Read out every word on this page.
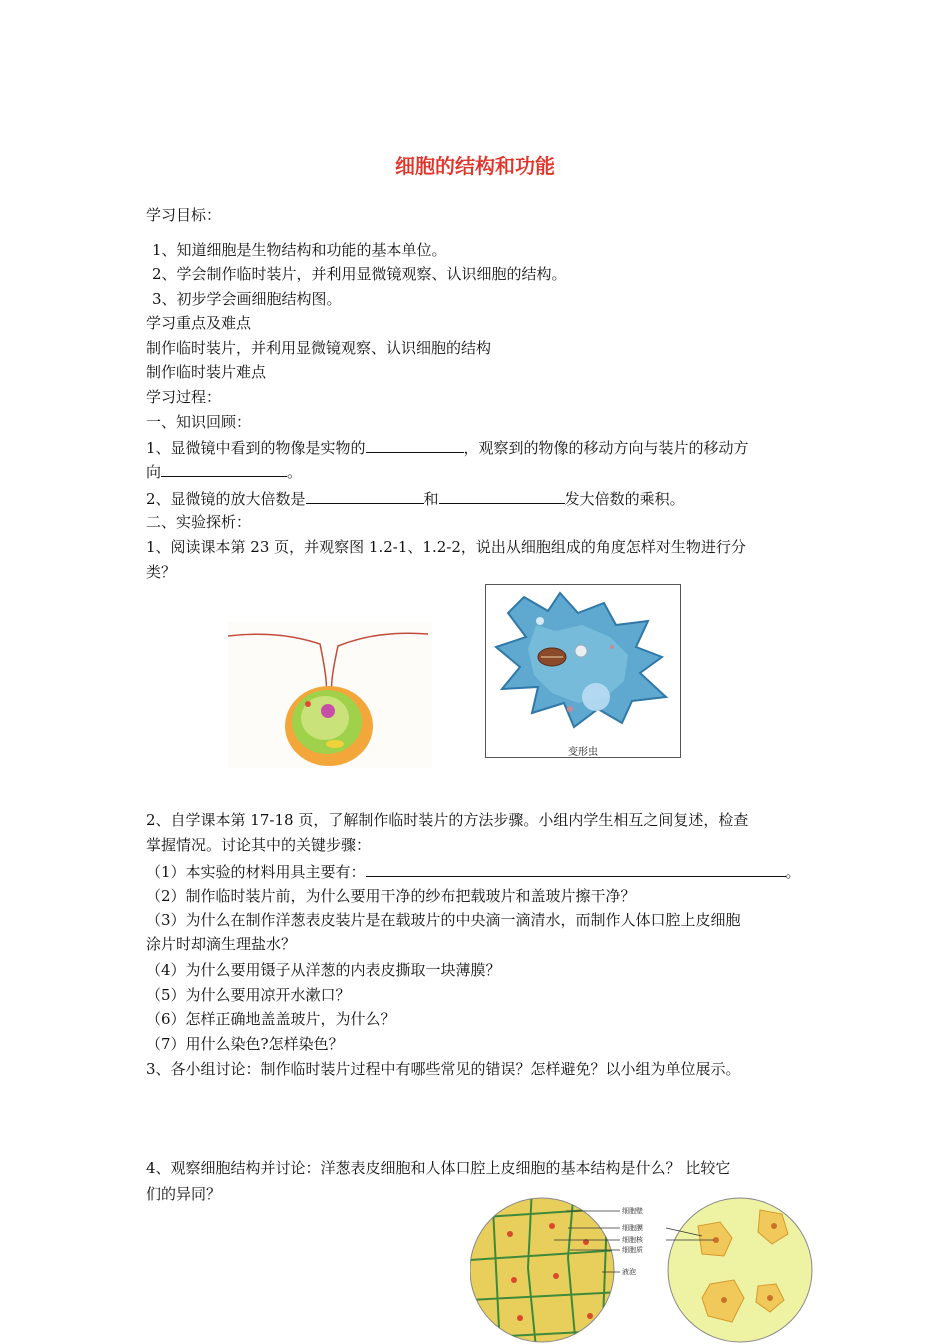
细胞的结构和功能
学习目标：
1、知道细胞是生物结构和功能的基本单位。
2、学会制作临时装片，并利用显微镜观察、认识细胞的结构。
3、初步学会画细胞结构图。
学习重点及难点
制作临时装片，并利用显微镜观察、认识细胞的结构
制作临时装片难点
学习过程：
一、知识回顾：
1、显微镜中看到的物像是实物的	，观察到的物像的移动方向与装片的移动方
向	。
2、显微镜的放大倍数是	和	发大倍数的乘积。
二、实验探析：
1、阅读课本第 23 页，并观察图 1.2-1、1.2-2，说出从细胞组成的角度怎样对生物进行分
类？
变形虫
2、自学课本第 17-18 页，了解制作临时装片的方法步骤。小组内学生相互之间复述，检查
掌握情况。讨论其中的关键步骤：
（1）本实验的材料用具主要有：	。
（2）制作临时装片前，为什么要用干净的纱布把载玻片和盖玻片擦干净？
（3）为什么在制作洋葱表皮装片是在载玻片的中央滴一滴清水，而制作人体口腔上皮细胞
涂片时却滴生理盐水？
（4）为什么要用镊子从洋葱的内表皮撕取一块薄膜？
（5）为什么要用凉开水漱口？
（6）怎样正确地盖盖玻片，为什么？
（7）用什么染色?怎样染色？
3、各小组讨论：制作临时装片过程中有哪些常见的错误？怎样避免？以小组为单位展示。
4、观察细胞结构并讨论：洋葱表皮细胞和人体口腔上皮细胞的基本结构是什么？ 比较它
们的异同？
细胞壁
细胞膜
细胞核
细胞质
液泡
